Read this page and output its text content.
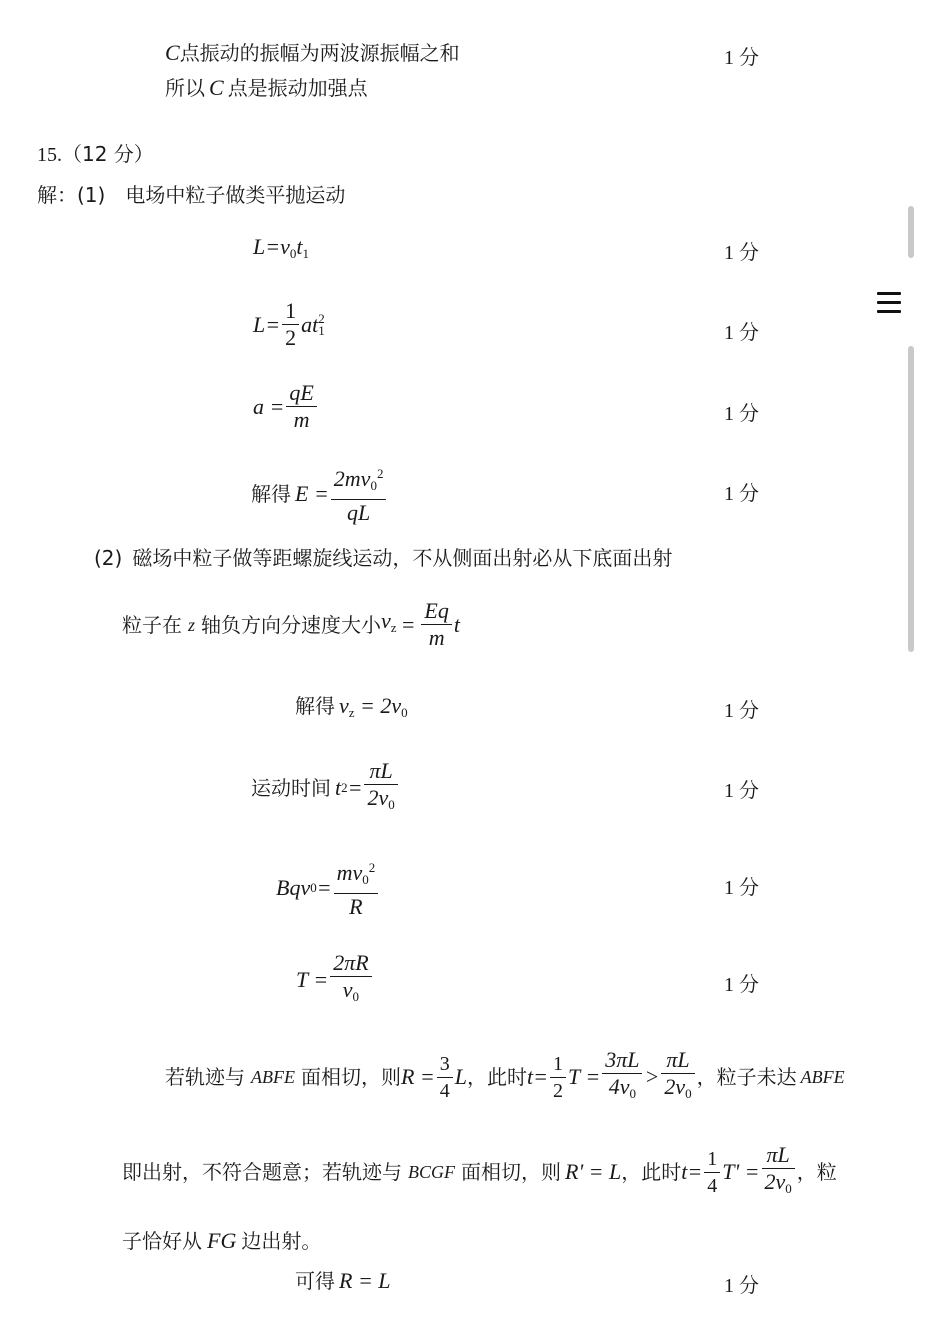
C点振动的振幅为两波源振幅之和	1 分
所以 C 点是振动加强点
15.（12 分）
解：(1) 电场中粒子做类平抛运动
$L=v_0t_1$	1 分
$L= \frac{1}{2}$ at 2
1	1 分
$a = \frac{qE}{m}$	1 分
解得 $E = \frac{2mv_0^2}{qL}$	1 分
(2) 磁场中粒子做等距螺旋线运动，不从侧面出射必从下底面出射
粒子在 z 轴负方向分速度大小 $v_z = \frac{Eq}{m}$ t
解得 $v_z = 2v_0$	1 分
运动时间 t $2 = \frac{\pi L}{2v_0}$	1 分
Bqv $0 = \frac{mv_0^2}{R}$	1 分
$T = \frac{2\pi R}{v_0}$	1 分
若轨迹与 ABFE 面相切，则 $R = \frac{3}{4}$ L ，此时 $t= \frac{1}{2}$ $T = \frac{3\pi L}{4v_0} > \frac{\pi L}{2v_0}$ ，粒子未达 ABFE
即出射，不符合题意；若轨迹与 BCGF 面相切，则 R' = L ，此时 $t= \frac{1}{4} T' = \frac{\pi L}{2v_0}$ ，粒
子恰好从 FG 边出射。
可得 R = L	1 分
